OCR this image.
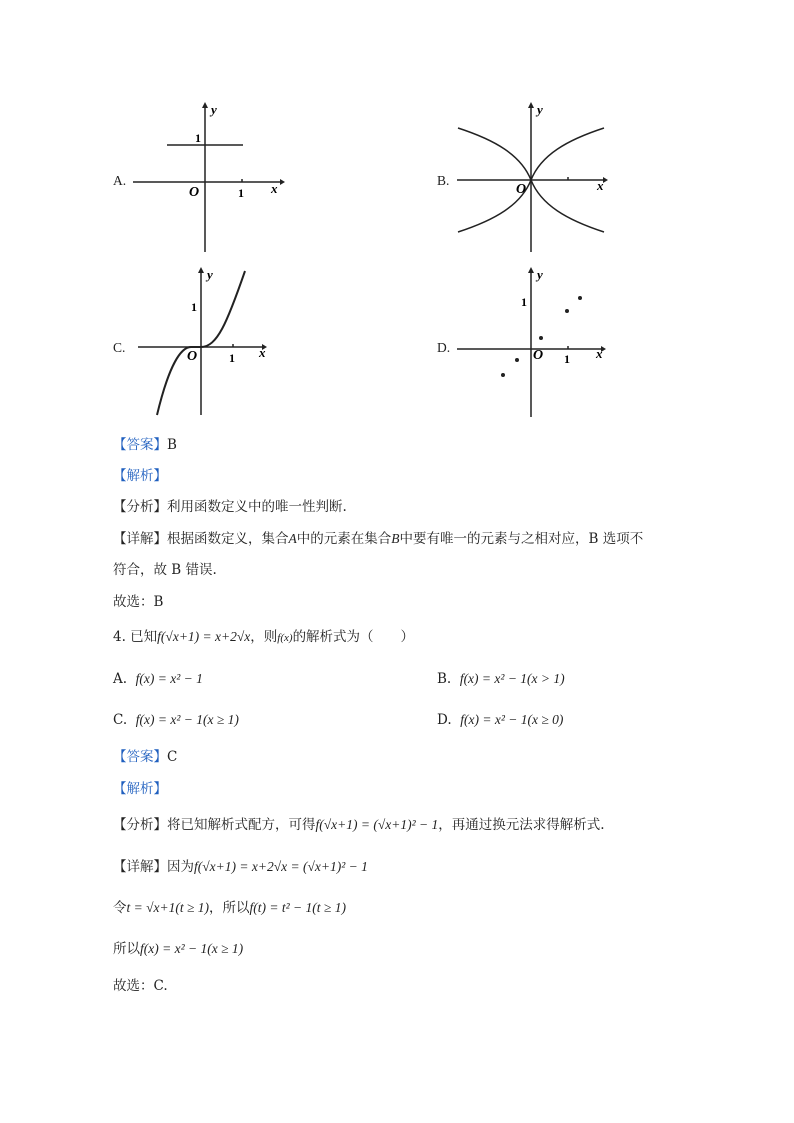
A.
y
x
O
1
1
B.
y
x
O
C.
y
x
O
1
1
D.
y
x
O
1
1
【答案】B
【解析】
【分析】利用函数定义中的唯一性判断.
【详解】根据函数定义，集合A中的元素在集合B中要有唯一的元素与之相对应，B 选项不
符合，故 B 错误.
故选：B
4. 已知f(√x+1) = x+2√x，则f(x)的解析式为（　　）
A. f(x) = x² − 1	B. f(x) = x² − 1(x > 1)
C. f(x) = x² − 1(x ≥ 1)	D. f(x) = x² − 1(x ≥ 0)
【答案】C
【解析】
【分析】将已知解析式配方，可得f(√x+1) = (√x+1)² − 1，再通过换元法求得解析式.
【详解】因为f(√x+1) = x+2√x = (√x+1)² − 1
令t = √x+1(t ≥ 1)，所以f(t) = t² − 1(t ≥ 1)
所以f(x) = x² − 1(x ≥ 1)
故选：C.
